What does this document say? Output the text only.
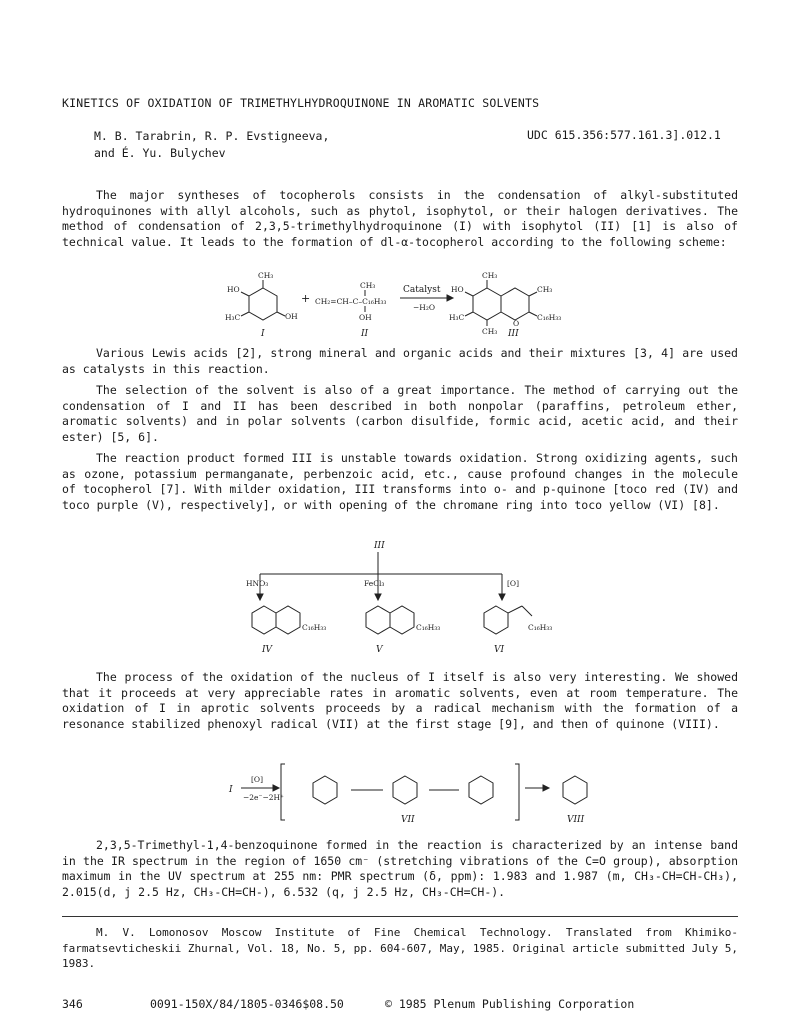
KINETICS OF OXIDATION OF TRIMETHYLHYDROQUINONE IN AROMATIC SOLVENTS
M. B. Tarabrin, R. P. Evstigneeva,
and É. Yu. Bulychev
UDC 615.356:577.161.3].012.1

The major syntheses of tocopherols consists in the condensation of alkyl-substituted hydroquinones with allyl alcohols, such as phytol, isophytol, or their halogen derivatives. The method of condensation of 2,3,5-trimethylhydroquinone (I) with isophytol (II) [1] is also of technical value. It leads to the formation of dl-α-tocopherol according to the following scheme:

CH₃
HO
H₃C	OH
+
CH₃
CH₂=CH–C–C₁₆H₃₃
OH
Catalyst
−H₂O
CH₃
HO
H₃C
O
CH₃
CH₃
C₁₆H₃₃
I	II	III

Various Lewis acids [2], strong mineral and organic acids and their mixtures [3, 4] are used as catalysts in this reaction.

The selection of the solvent is also of a great importance. The method of carrying out the condensation of I and II has been described in both nonpolar (paraffins, petroleum ether, aromatic solvents) and in polar solvents (carbon disulfide, formic acid, acetic acid, and their ester) [5, 6].

The reaction product formed III is unstable towards oxidation. Strong oxidizing agents, such as ozone, potassium permanganate, perbenzoic acid, etc., cause profound changes in the molecule of tocopherol [7]. With milder oxidation, III transforms into o- and p-quinone [toco red (IV) and toco purple (V), respectively], or with opening of the chromane ring into toco yellow (VI) [8].

III
HNO₃	FeCl₃	[O]
C₁₆H₃₃	C₁₆H₃₃	C₁₆H₃₃
IV	V	VI

The process of the oxidation of the nucleus of I itself is also very interesting. We showed that it proceeds at very appreciable rates in aromatic solvents, even at room temperature. The oxidation of I in aprotic solvents proceeds by a radical mechanism with the formation of a resonance stabilized phenoxyl radical (VII) at the first stage [9], and then of quinone (VIII).

I
[O]
−2e⁻−2H⁺
VII	VIII

2,3,5-Trimethyl-1,4-benzoquinone formed in the reaction is characterized by an intense band in the IR spectrum in the region of 1650 cm⁻ (stretching vibrations of the C=O group), absorption maximum in the UV spectrum at 255 nm: PMR spectrum (δ, ppm): 1.983 and 1.987 (m, CH₃-CH=CH-CH₃), 2.015(d, j 2.5 Hz, CH₃-CH=CH-), 6.532 (q, j 2.5 Hz, CH₃-CH=CH-).

M. V. Lomonosov Moscow Institute of Fine Chemical Technology. Translated from Khimiko-farmatsevticheskii Zhurnal, Vol. 18, No. 5, pp. 604-607, May, 1985. Original article submitted July 5, 1983.

346	0091-150X/84/1805-0346$08.50	© 1985 Plenum Publishing Corporation
